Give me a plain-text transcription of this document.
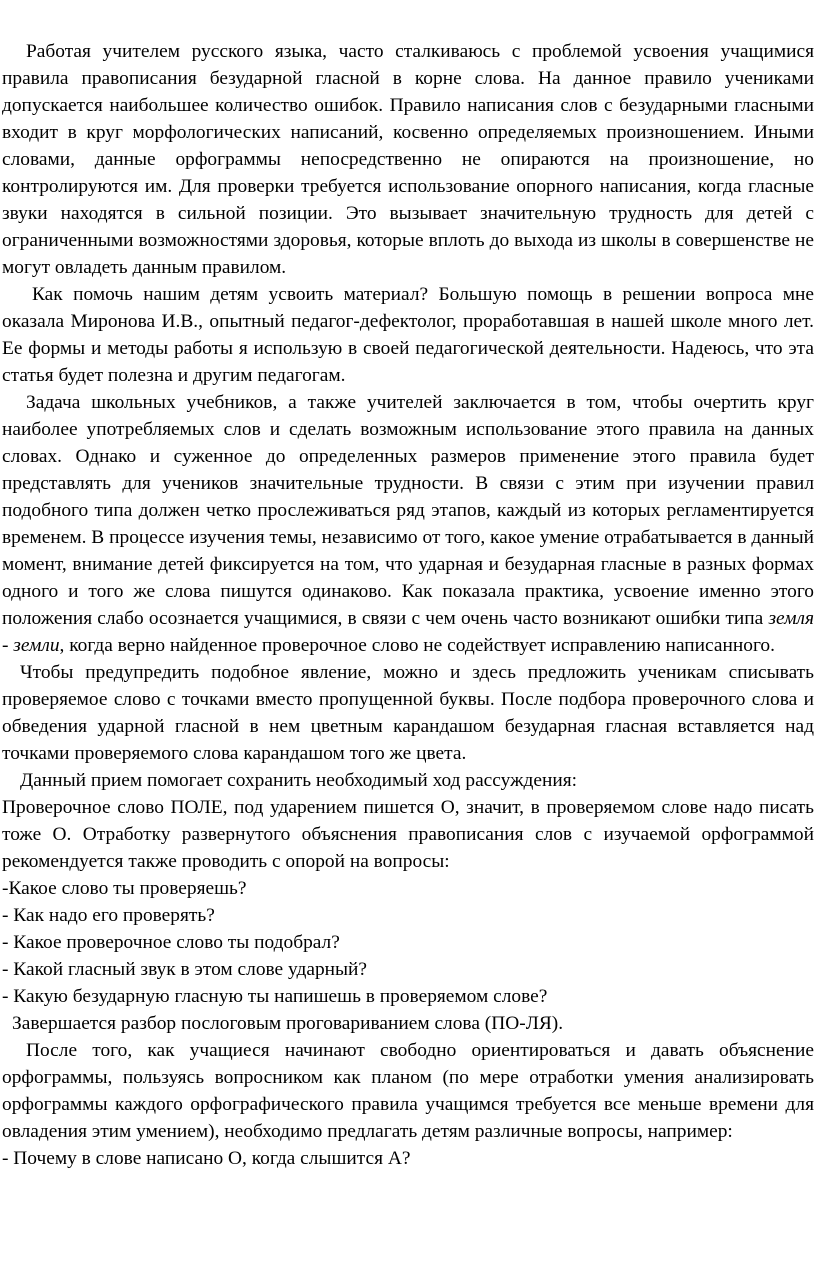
Работая учителем русского языка, часто сталкиваюсь с проблемой усвоения учащимися правила правописания безударной гласной в корне слова. На данное правило учениками допускается наибольшее количество ошибок. Правило написания слов с безударными гласными входит в круг морфологических написаний, косвенно определяемых произношением. Иными словами, данные орфограммы непосредственно не опираются на произношение, но контролируются им. Для проверки требуется использование опорного написания, когда гласные звуки находятся в сильной позиции. Это вызывает значительную трудность для детей с ограниченными возможностями здоровья, которые вплоть до выхода из школы в совершенстве не могут овладеть данным правилом.

Как помочь нашим детям усвоить материал? Большую помощь в решении вопроса мне оказала Миронова И.В., опытный педагог-дефектолог, проработавшая в нашей школе много лет. Ее формы и методы работы я использую в своей педагогической деятельности. Надеюсь, что эта статья будет полезна и другим педагогам.

Задача школьных учебников, а также учителей заключается в том, чтобы очертить круг наиболее употребляемых слов и сделать возможным использование этого правила на данных словах. Однако и суженное до определенных размеров применение этого правила будет представлять для учеников значительные трудности. В связи с этим при изучении правил подобного типа должен четко прослеживаться ряд этапов, каждый из которых регламентируется временем. В процессе изучения темы, независимо от того, какое умение отрабатывается в данный момент, внимание детей фиксируется на том, что ударная и безударная гласные в разных формах одного и того же слова пишутся одинаково. Как показала практика, усвоение именно этого положения слабо осознается учащимися, в связи с чем очень часто возникают ошибки типа земля - земли, когда верно найденное проверочное слово не содействует исправлению написанного.

Чтобы предупредить подобное явление, можно и здесь предложить ученикам списывать проверяемое слово с точками вместо пропущенной буквы. После подбора проверочного слова и обведения ударной гласной в нем цветным карандашом безударная гласная вставляется над точками проверяемого слова карандашом того же цвета.

Данный прием помогает сохранить необходимый ход рассуждения:

Проверочное слово ПОЛЕ, под ударением пишется О, значит, в проверяемом слове надо писать тоже О. Отработку развернутого объяснения правописания слов с изучаемой орфограммой рекомендуется также проводить с опорой на вопросы:

-Какое слово ты проверяешь?
- Как надо его проверять?
- Какое проверочное слово ты подобрал?
- Какой гласный звук в этом слове ударный?
- Какую безударную гласную ты напишешь в проверяемом слове?

Завершается разбор послоговым проговариванием слова (ПО-ЛЯ).

После того, как учащиеся начинают свободно ориентироваться и давать объяснение орфограммы, пользуясь вопросником как планом (по мере отработки умения анализировать орфограммы каждого орфографического правила учащимся требуется все меньше времени для овладения этим умением), необходимо предлагать детям различные вопросы, например:

- Почему в слове написано О, когда слышится А?
